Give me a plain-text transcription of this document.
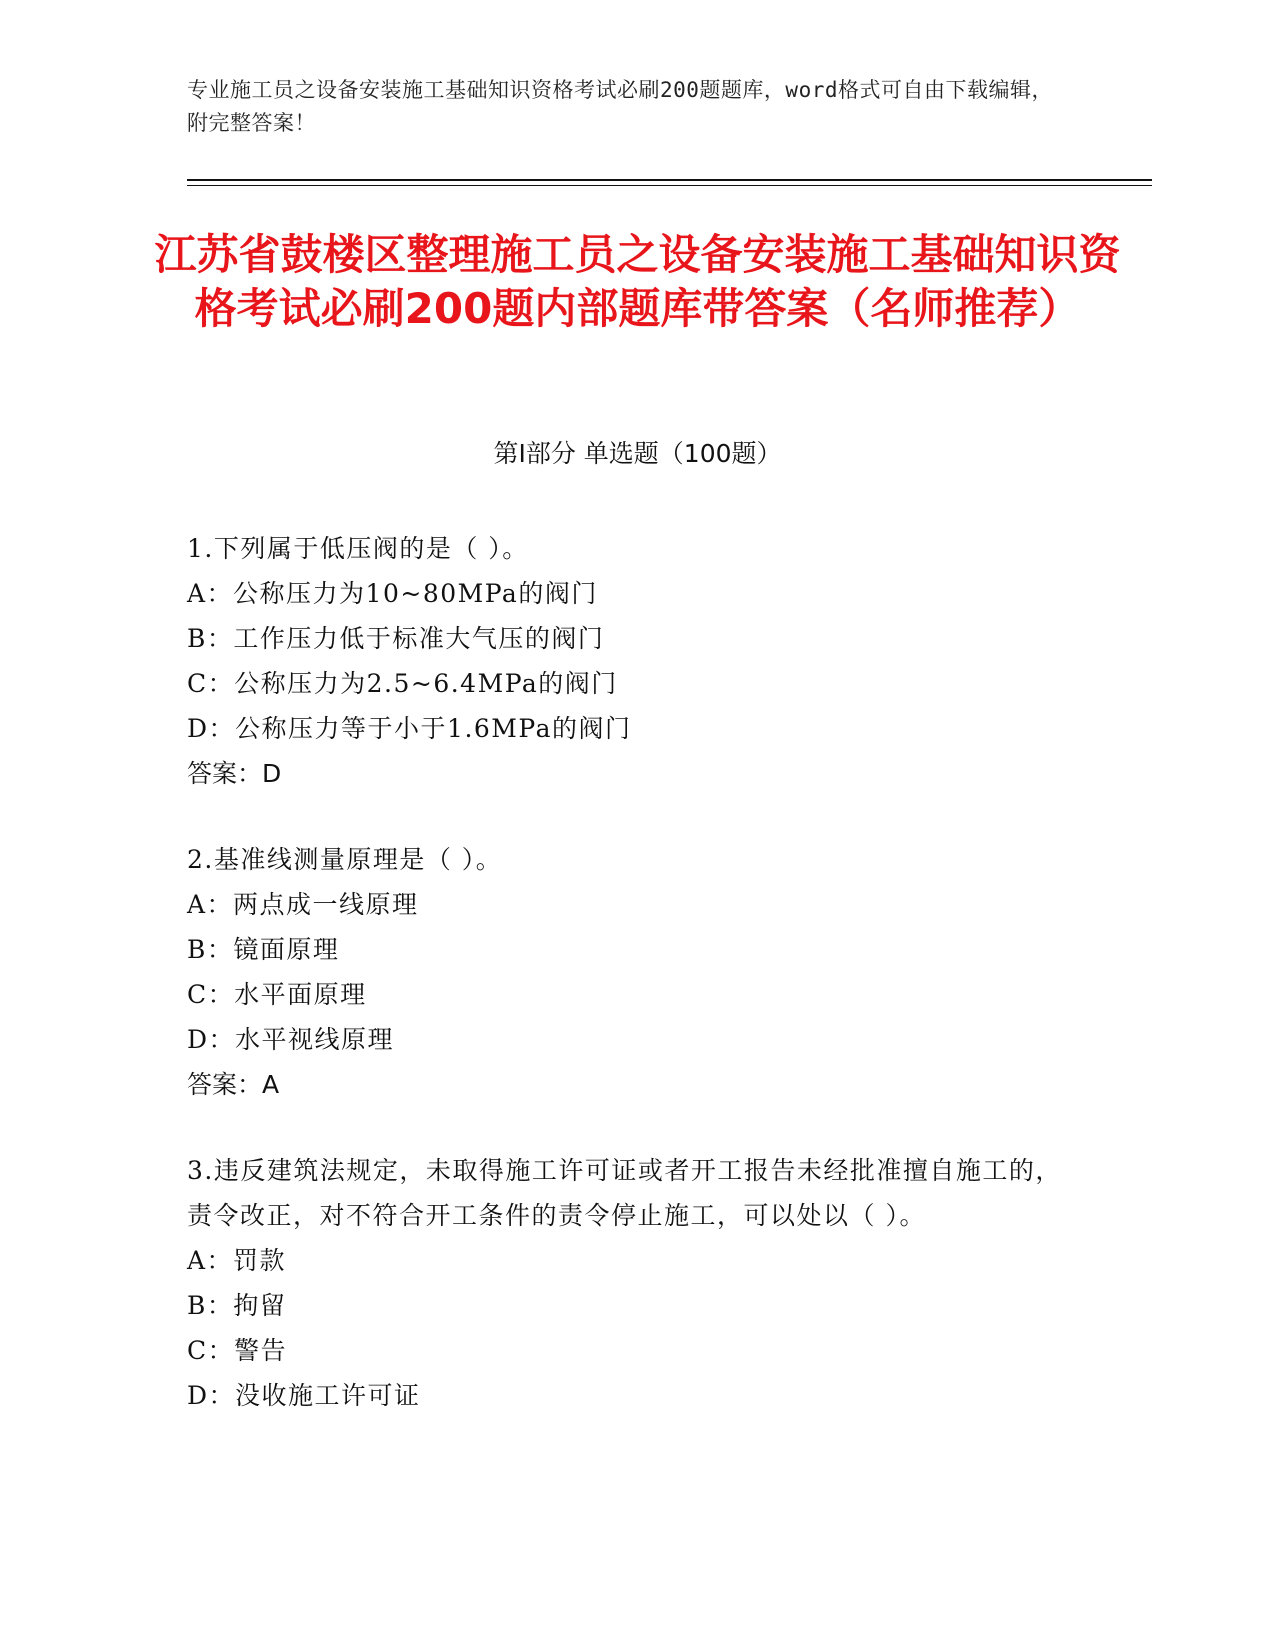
专业施工员之设备安装施工基础知识资格考试必刷200题题库，word格式可自由下载编辑，附完整答案！
江苏省鼓楼区整理施工员之设备安装施工基础知识资格考试必刷200题内部题库带答案（名师推荐）
第I部分 单选题（100题）
1.下列属于低压阀的是（ ）。
A：公称压力为10~80MPa的阀门
B：工作压力低于标准大气压的阀门
C：公称压力为2.5~6.4MPa的阀门
D：公称压力等于小于1.6MPa的阀门
答案：D
2.基准线测量原理是（ ）。
A：两点成一线原理
B：镜面原理
C：水平面原理
D：水平视线原理
答案：A
3.违反建筑法规定，未取得施工许可证或者开工报告未经批准擅自施工的，责令改正，对不符合开工条件的责令停止施工，可以处以（ ）。
A：罚款
B：拘留
C：警告
D：没收施工许可证
